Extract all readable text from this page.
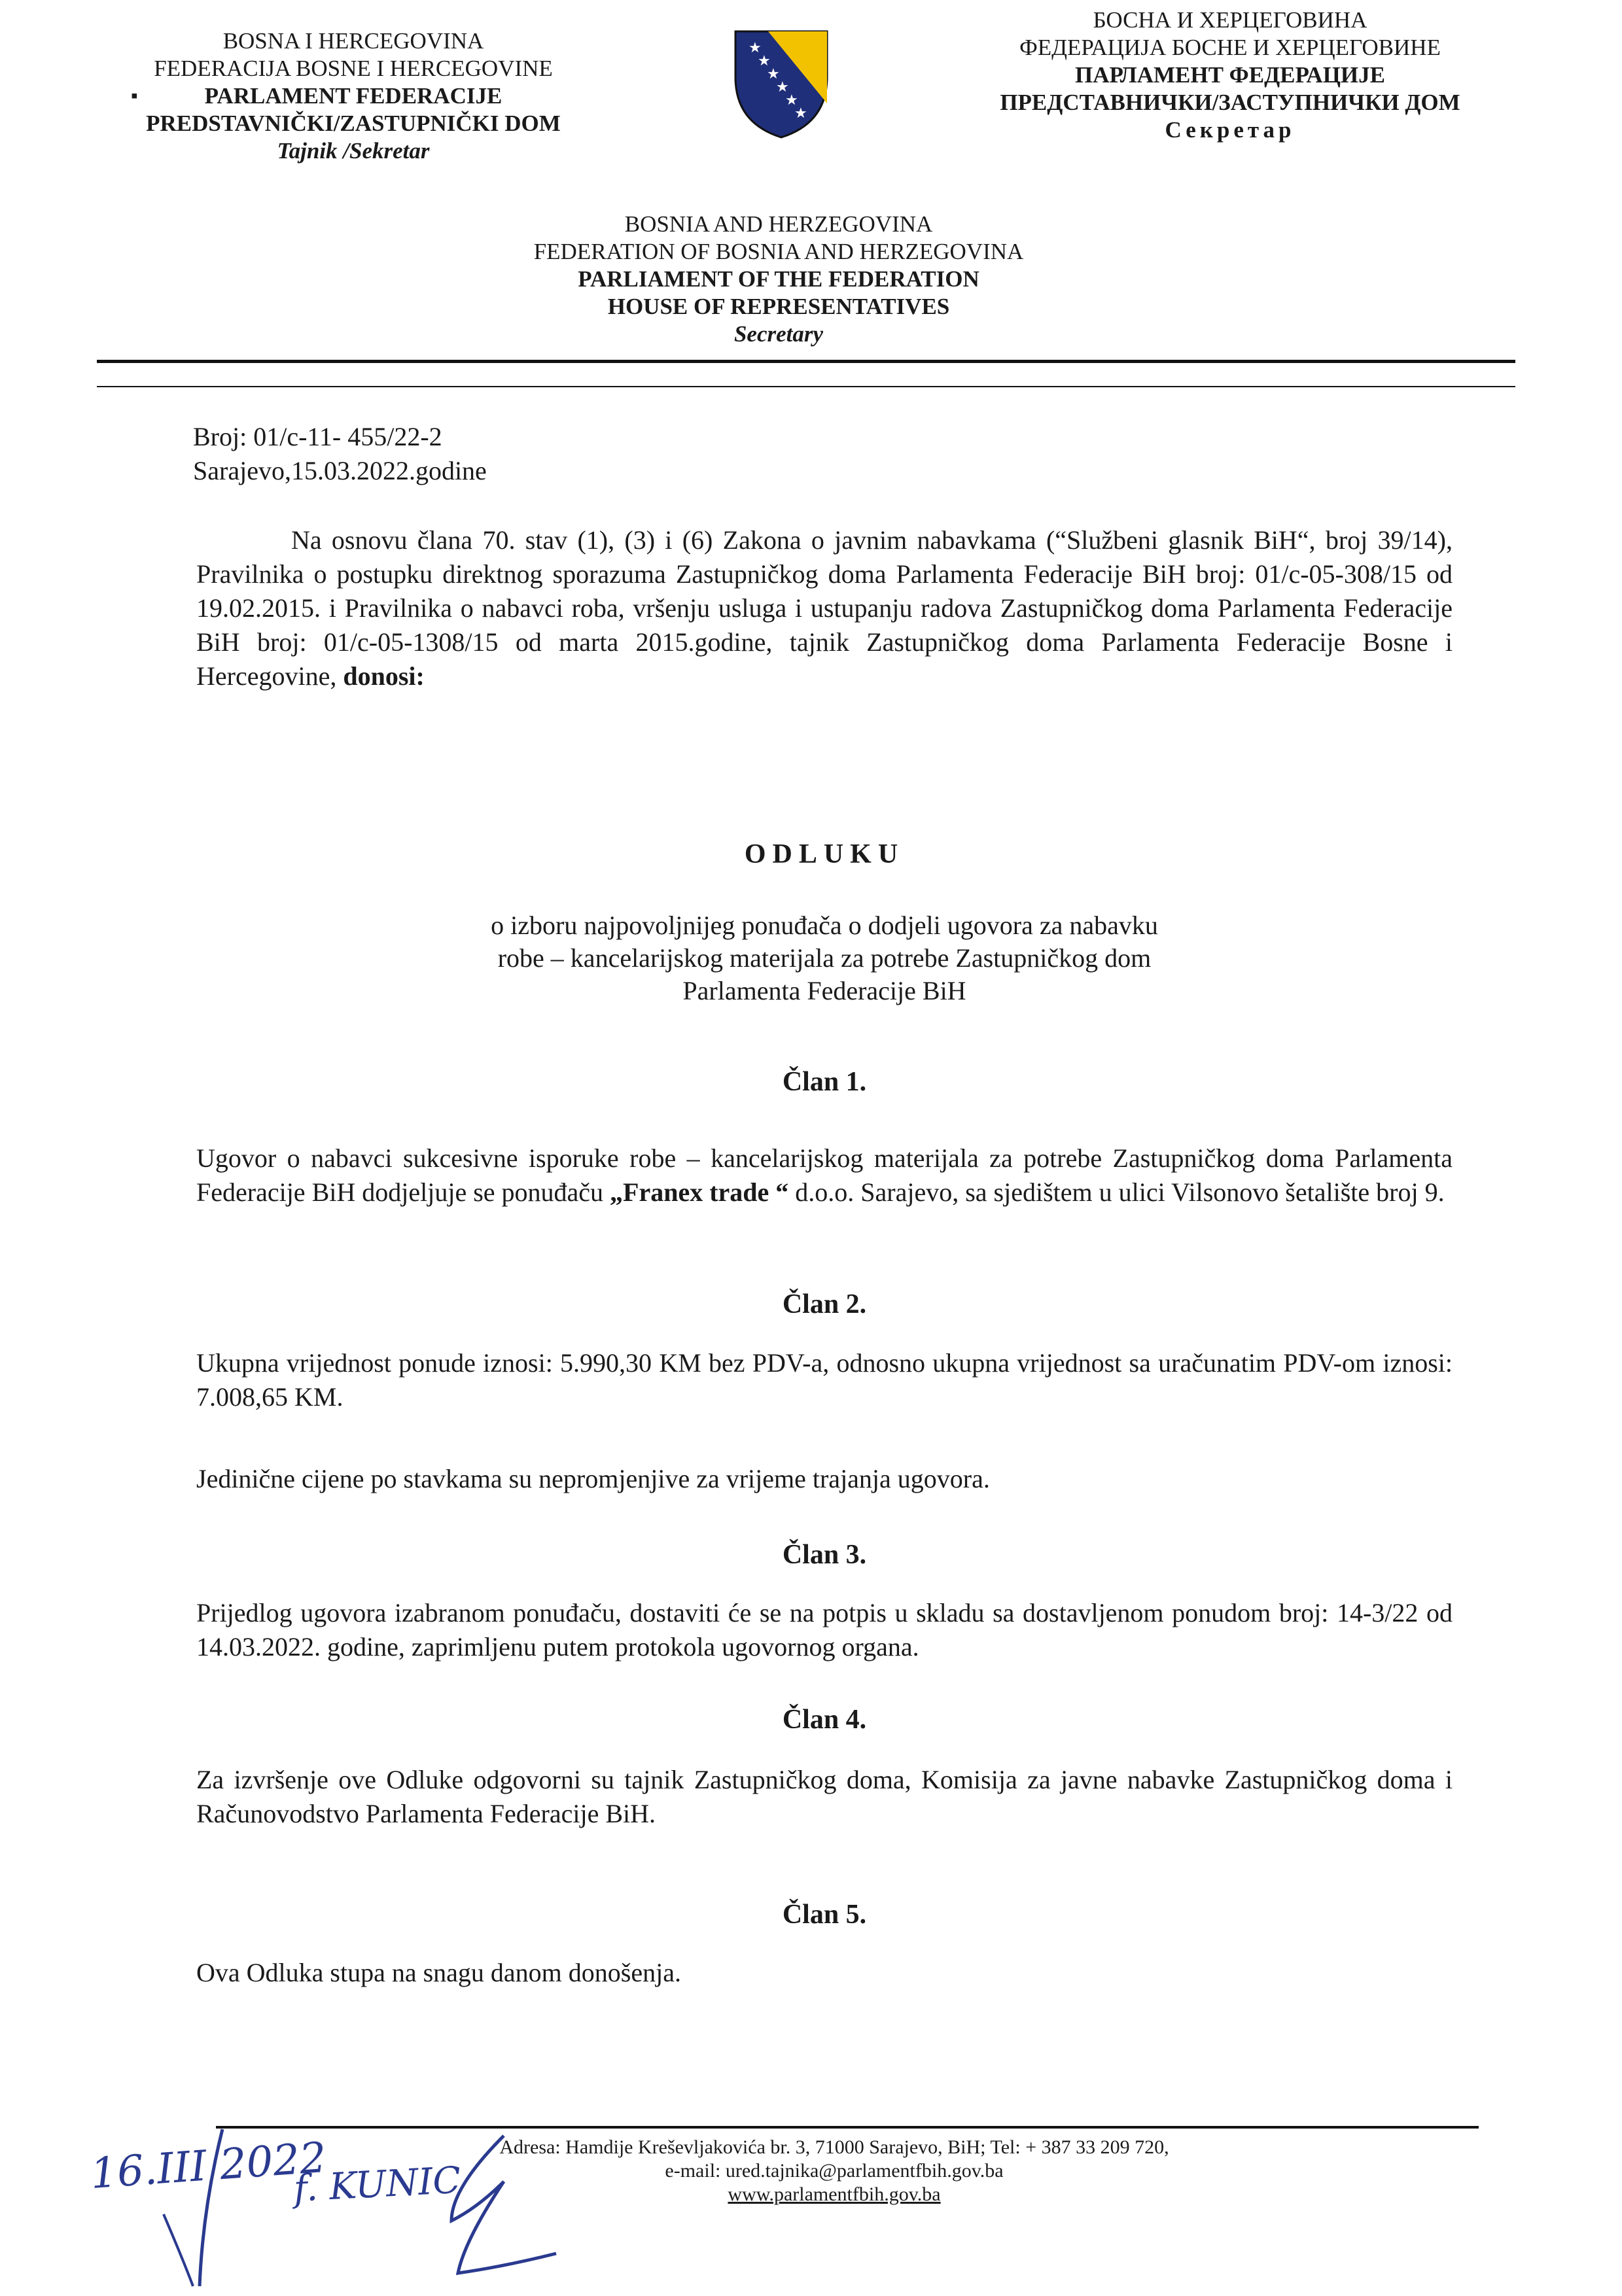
BOSNA I HERCEGOVINA
FEDERACIJA BOSNE I HERCEGOVINE
▪	PARLAMENT FEDERACIJE
PREDSTAVNIČKI/ZASTUPNIČKI DOM
Tajnik /Sekretar
★
★
★
★
★
★
БОСНА И ХЕРЦЕГОВИНА
ФЕДЕРАЦИЈА БОСНЕ И ХЕРЦЕГОВИНЕ
ПАРЛАМЕНТ ФЕДЕРАЦИЈЕ
ПРЕДСТАВНИЧКИ/ЗАСТУПНИЧКИ ДОМ
Секретар
BOSNIA AND HERZEGOVINA
FEDERATION OF BOSNIA AND HERZEGOVINA
PARLIAMENT OF THE FEDERATION
HOUSE OF REPRESENTATIVES
Secretary
Broj: 01/c-11- 455/22-2
Sarajevo,15.03.2022.godine
Na osnovu člana 70. stav (1), (3) i (6) Zakona o javnim nabavkama (“Službeni glasnik BiH“, broj 39/14), Pravilnika o postupku direktnog sporazuma Zastupničkog doma Parlamenta Federacije BiH broj: 01/c-05-308/15 od 19.02.2015. i Pravilnika o nabavci roba, vršenju usluga i ustupanju radova Zastupničkog doma Parlamenta Federacije BiH broj: 01/c-05-1308/15 od marta 2015.godine, tajnik Zastupničkog doma Parlamenta Federacije Bosne i Hercegovine, donosi:
ODLUKU
o izboru najpovoljnijeg ponuđača o dodjeli ugovora za nabavku
robe – kancelarijskog materijala za potrebe Zastupničkog dom
Parlamenta Federacije BiH
Član 1.
Ugovor o nabavci sukcesivne isporuke robe – kancelarijskog materijala za potrebe Zastupničkog doma Parlamenta Federacije BiH dodjeljuje se ponuđaču „Franex trade “ d.o.o. Sarajevo, sa sjedištem u ulici Vilsonovo šetalište broj 9.
Član 2.
Ukupna vrijednost ponude iznosi: 5.990,30 KM bez PDV-a, odnosno ukupna vrijednost sa uračunatim PDV-om iznosi: 7.008,65 KM.
Jedinične cijene po stavkama su nepromjenjive za vrijeme trajanja ugovora.
Član 3.
Prijedlog ugovora izabranom ponuđaču, dostaviti će se na potpis u skladu sa dostavljenom ponudom broj: 14-3/22 od 14.03.2022. godine, zaprimljenu putem protokola ugovornog organa.
Član 4.
Za izvršenje ove Odluke odgovorni su tajnik Zastupničkog doma, Komisija za javne nabavke Zastupničkog doma i Računovodstvo Parlamenta Federacije BiH.
Član 5.
Ova Odluka stupa na snagu danom donošenja.
Adresa: Hamdije Kreševljakovića br. 3, 71000 Sarajevo, BiH; Tel: + 387 33 209 720,
e-mail: ured.tajnika@parlamentfbih.gov.ba
www.parlamentfbih.gov.ba
16.III 2022
f. KUNIC
